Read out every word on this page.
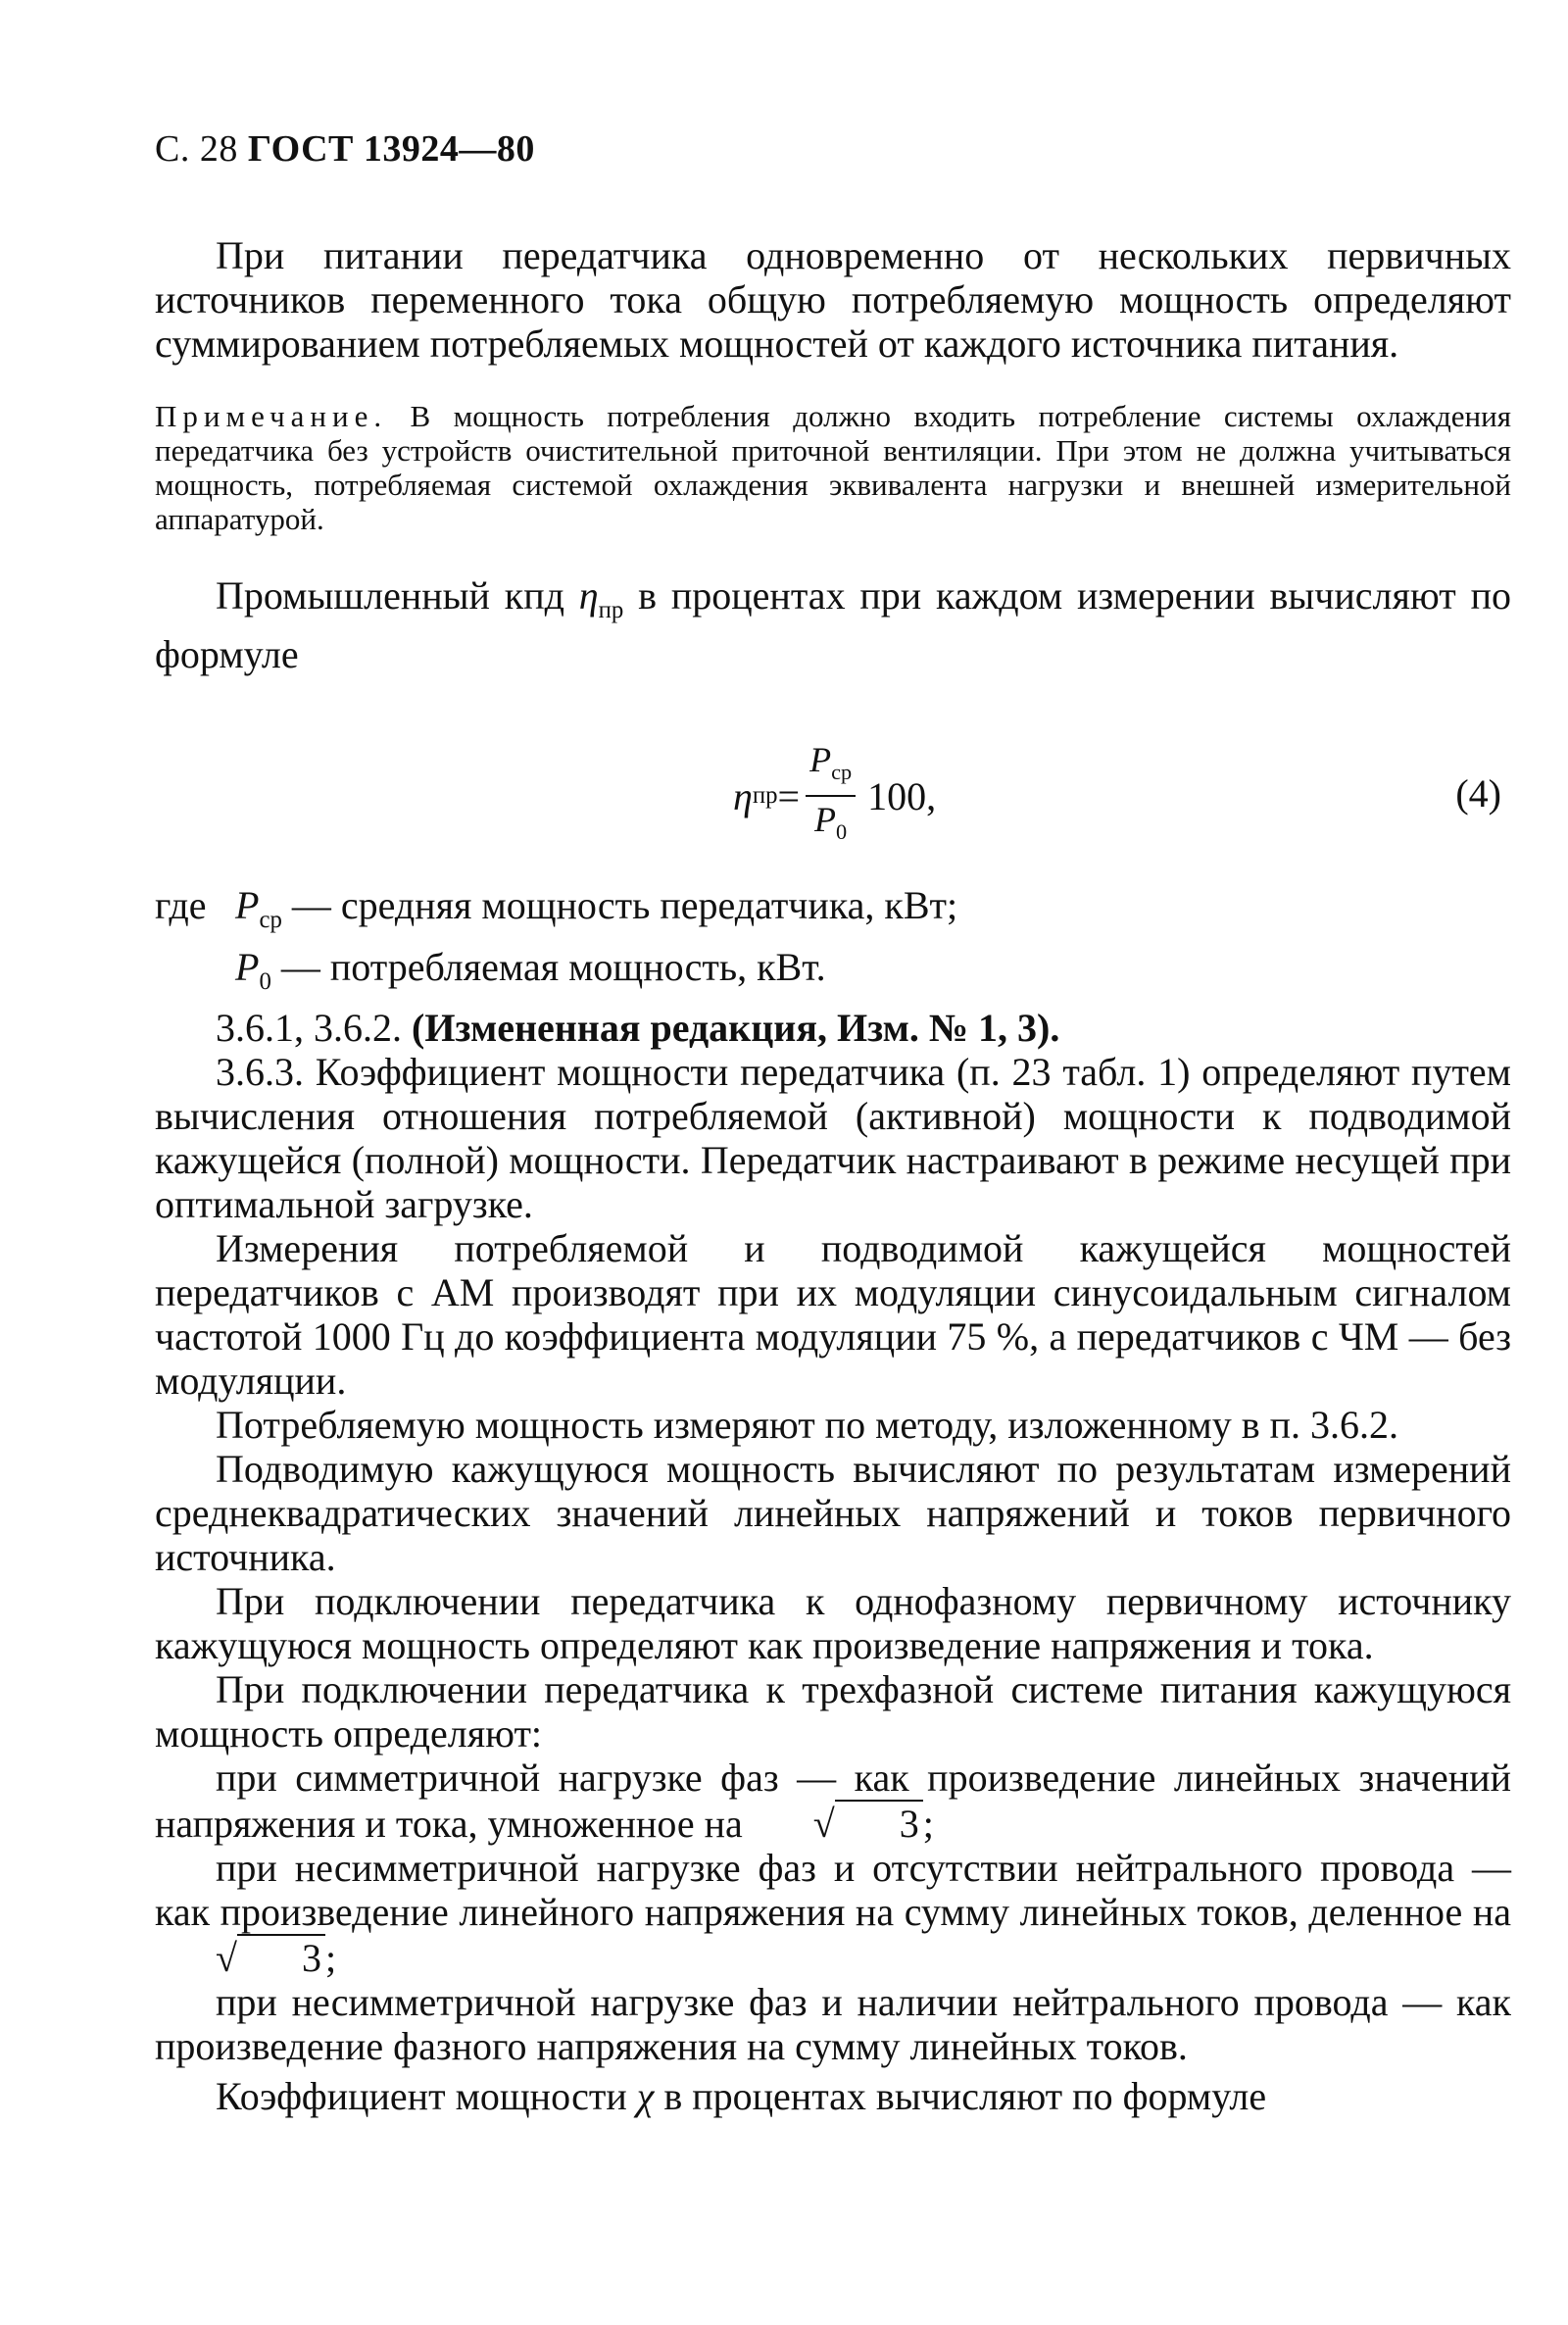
С. 28 ГОСТ 13924—80

При питании передатчика одновременно от нескольких первичных источников переменного тока общую потребляемую мощность определяют суммированием потребляемых мощностей от каждого источника питания.

Примечание. В мощность потребления должно входить потребление системы охлаждения передатчика без устройств очистительной приточной вентиляции. При этом не должна учитываться мощность, потребляемая системой охлаждения эквивалента нагрузки и внешней измерительной аппаратурой.

Промышленный кпд $\eta_{пр}$ в процентах при каждом измерении вычисляют по формуле

η пр = $\frac{P_{ср}}{P_0} 100$,	(4)
где $P_{ср}$ — средняя мощность передатчика, кВт;
$P_0$ — потребляемая мощность, кВт.

3.6.1, 3.6.2. (Измененная редакция, Изм. № 1, 3).

3.6.3. Коэффициент мощности передатчика (п. 23 табл. 1) определяют путем вычисления отношения потребляемой (активной) мощности к подводимой кажущейся (полной) мощности. Передатчик настраивают в режиме несущей при оптимальной загрузке.

Измерения потребляемой и подводимой кажущейся мощностей передатчиков с АМ производят при их модуляции синусоидальным сигналом частотой 1000 Гц до коэффициента модуляции 75 %, а передатчиков с ЧМ — без модуляции.

Потребляемую мощность измеряют по методу, изложенному в п. 3.6.2.

Подводимую кажущуюся мощность вычисляют по результатам измерений среднеквадратических значений линейных напряжений и токов первичного источника.

При подключении передатчика к однофазному первичному источнику кажущуюся мощность определяют как произведение напряжения и тока.

При подключении передатчика к трехфазной системе питания кажущуюся мощность определяют:

при симметричной нагрузке фаз — как произведение линейных значений напряжения и тока, умноженное на √ 3 ;

при несимметричной нагрузке фаз и отсутствии нейтрального провода — как произведение линейного напряжения на сумму линейных токов, деленное на √ 3 ;

при несимметричной нагрузке фаз и наличии нейтрального провода — как произведение фазного напряжения на сумму линейных токов.

Коэффициент мощности χ в процентах вычисляют по формуле
